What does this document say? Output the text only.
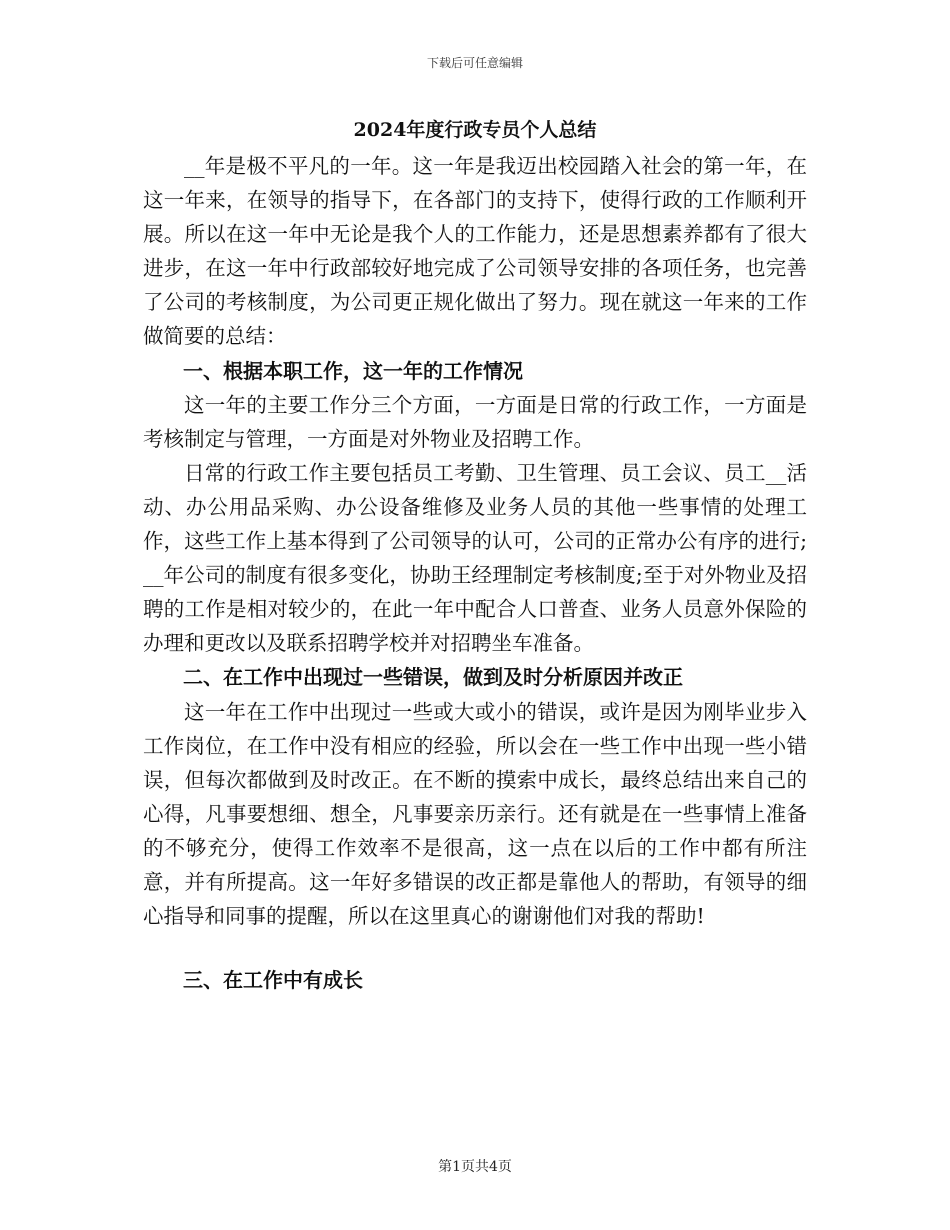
下载后可任意编辑
2024年度行政专员个人总结

__年是极不平凡的一年。这一年是我迈出校园踏入社会的第一年，在这一年来，在领导的指导下，在各部门的支持下，使得行政的工作顺利开展。所以在这一年中无论是我个人的工作能力，还是思想素养都有了很大进步，在这一年中行政部较好地完成了公司领导安排的各项任务，也完善了公司的考核制度，为公司更正规化做出了努力。现在就这一年来的工作做简要的总结：

一、根据本职工作，这一年的工作情况

这一年的主要工作分三个方面，一方面是日常的行政工作，一方面是考核制定与管理，一方面是对外物业及招聘工作。

日常的行政工作主要包括员工考勤、卫生管理、员工会议、员工__活动、办公用品采购、办公设备维修及业务人员的其他一些事情的处理工作，这些工作上基本得到了公司领导的认可，公司的正常办公有序的进行;__年公司的制度有很多变化，协助王经理制定考核制度;至于对外物业及招聘的工作是相对较少的，在此一年中配合人口普查、业务人员意外保险的办理和更改以及联系招聘学校并对招聘坐车准备。

二、在工作中出现过一些错误，做到及时分析原因并改正

这一年在工作中出现过一些或大或小的错误，或许是因为刚毕业步入工作岗位，在工作中没有相应的经验，所以会在一些工作中出现一些小错误，但每次都做到及时改正。在不断的摸索中成长，最终总结出来自己的心得，凡事要想细、想全，凡事要亲历亲行。还有就是在一些事情上准备的不够充分，使得工作效率不是很高，这一点在以后的工作中都有所注意，并有所提高。这一年好多错误的改正都是靠他人的帮助，有领导的细心指导和同事的提醒，所以在这里真心的谢谢他们对我的帮助!

三、在工作中有成长

第1页共4页
